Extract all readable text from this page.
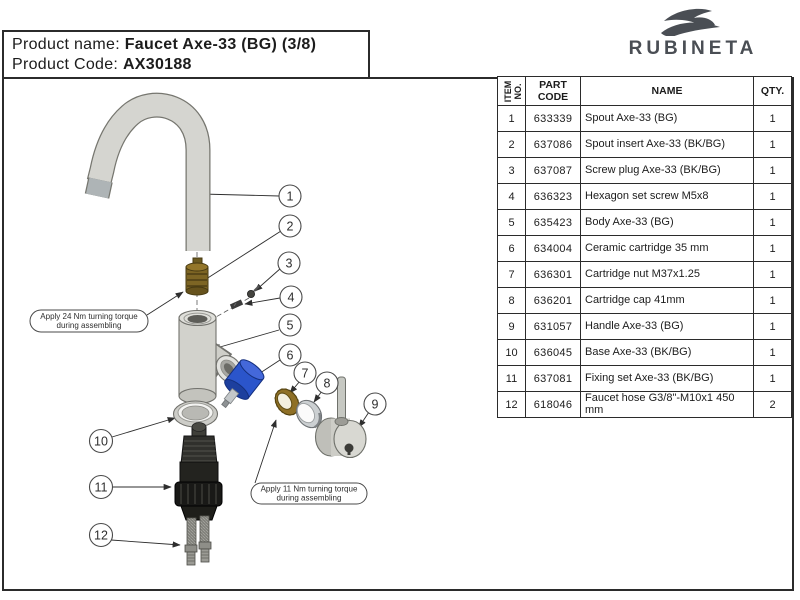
Product name: Faucet Axe-33 (BG) (3/8)
Product Code: AX30188
RUBINETA
Apply 24 Nm turning torque
during assembling
Apply 11 Nm turning torque
during assembling
1
2
3
4
5
6
7
8
9
10
11
12
ITEM NO.	PART CODE	NAME	QTY.
1	633339	Spout Axe-33 (BG)	1
2	637086	Spout insert Axe-33 (BK/BG)	1
3	637087	Screw plug Axe-33 (BK/BG)	1
4	636323	Hexagon set screw M5x8	1
5	635423	Body Axe-33 (BG)	1
6	634004	Ceramic cartridge 35 mm	1
7	636301	Cartridge nut M37x1.25	1
8	636201	Cartridge cap 41mm	1
9	631057	Handle Axe-33 (BG)	1
10	636045	Base Axe-33 (BK/BG)	1
11	637081	Fixing set Axe-33 (BK/BG)	1
12	618046	Faucet hose G3/8"-M10x1 450 mm	2
